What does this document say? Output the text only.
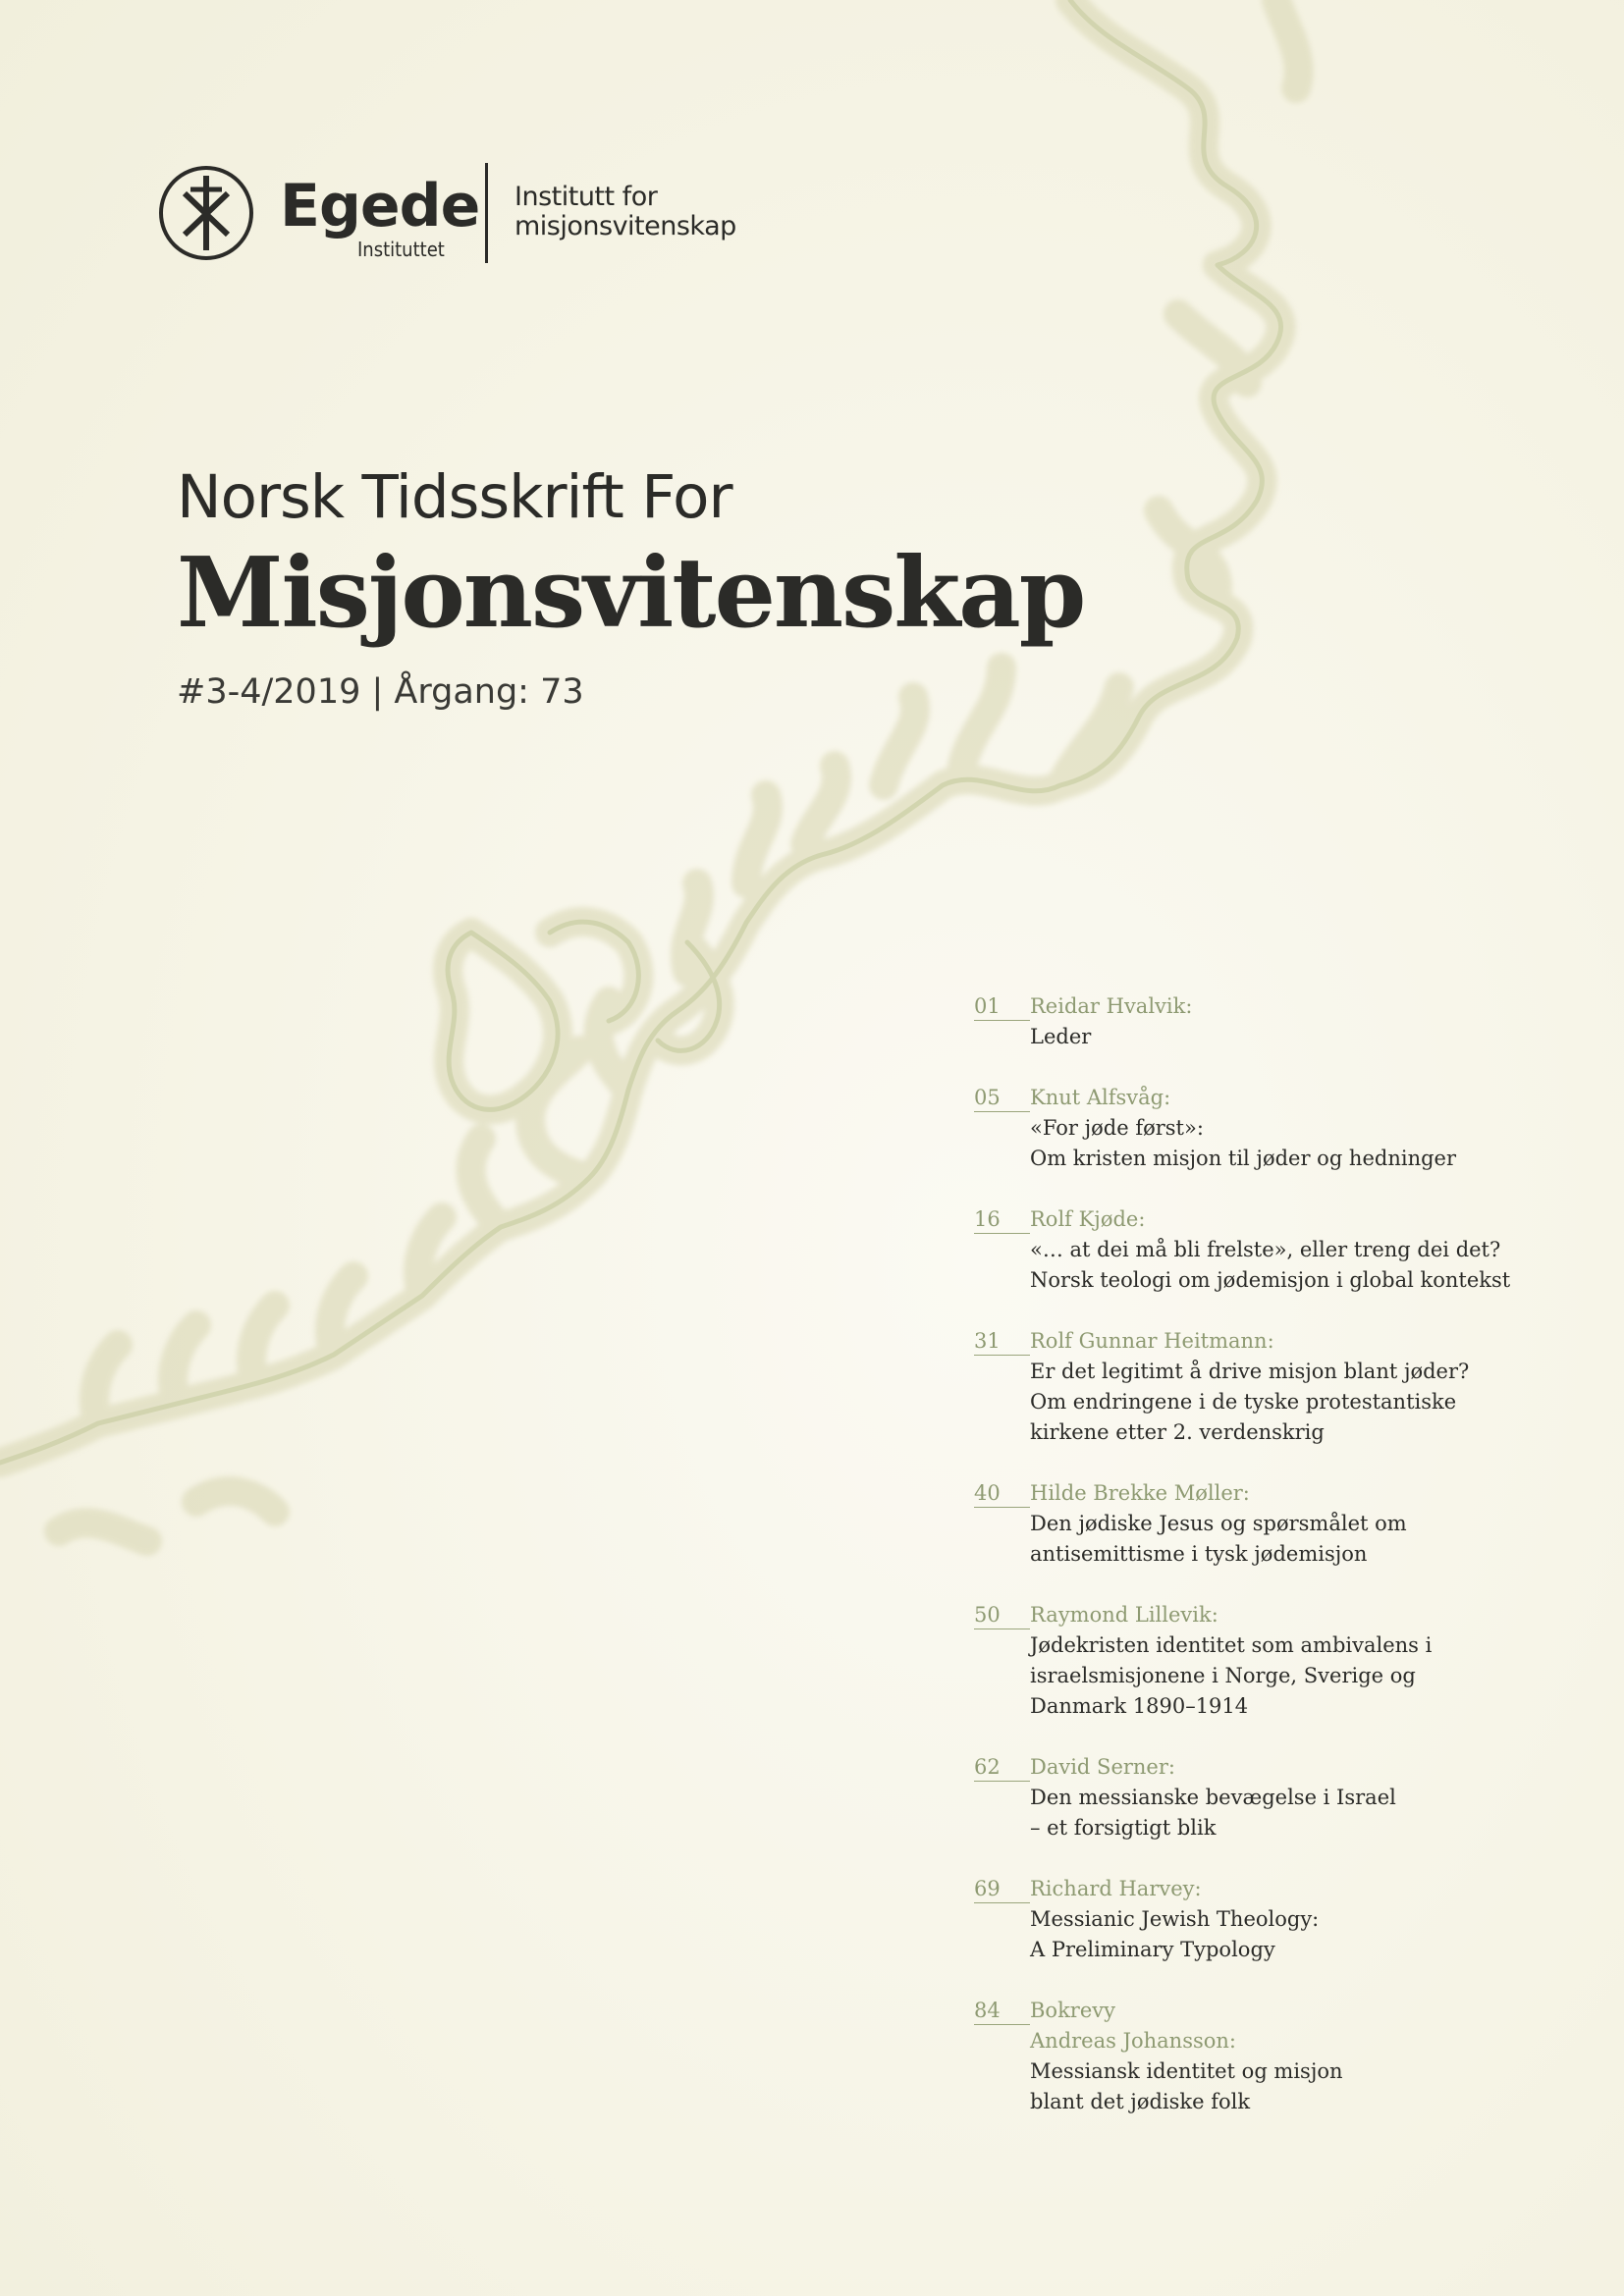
Egede
Instituttet
Institutt for
misjonsvitenskap
Norsk Tidsskrift For
Misjonsvitenskap
#3-4/2019 | Årgang: 73
01	Reidar Hvalvik:
Leder
05	Knut Alfsvåg:
«For jøde først»:
Om kristen misjon til jøder og hedninger
16	Rolf Kjøde:
«… at dei må bli frelste», eller treng dei det?
Norsk teologi om jødemisjon i global kontekst
31	Rolf Gunnar Heitmann:
Er det legitimt å drive misjon blant jøder?
Om endringene i de tyske protestantiske
kirkene etter 2. verdenskrig
40	Hilde Brekke Møller:
Den jødiske Jesus og spørsmålet om
antisemittisme i tysk jødemisjon
50	Raymond Lillevik:
Jødekristen identitet som ambivalens i
israelsmisjonene i Norge, Sverige og
Danmark 1890–1914
62	David Serner:
Den messianske bevægelse i Israel
– et forsigtigt blik
69	Richard Harvey:
Messianic Jewish Theology:
A Preliminary Typology
84	Bokrevy
Andreas Johansson:
Messiansk identitet og misjon
blant det jødiske folk
